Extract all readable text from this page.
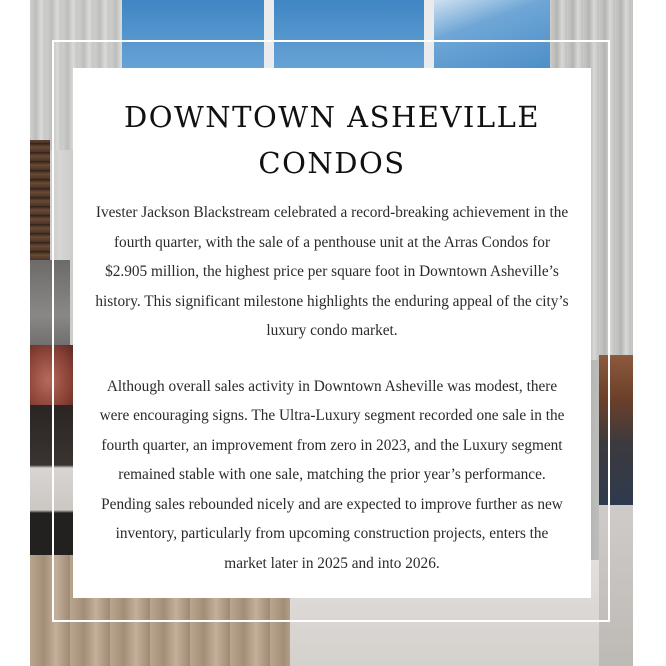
DOWNTOWN ASHEVILLE
CONDOS

Ivester Jackson Blackstream celebrated a record-breaking achievement in the fourth quarter, with the sale of a penthouse unit at the Arras Condos for $2.905 million, the highest price per square foot in Downtown Asheville’s history. This significant milestone highlights the enduring appeal of the city’s luxury condo market.

Although overall sales activity in Downtown Asheville was modest, there were encouraging signs. The Ultra-Luxury segment recorded one sale in the fourth quarter, an improvement from zero in 2023, and the Luxury segment remained stable with one sale, matching the prior year’s performance. Pending sales rebounded nicely and are expected to improve further as new inventory, particularly from upcoming construction projects, enters the market later in 2025 and into 2026.
